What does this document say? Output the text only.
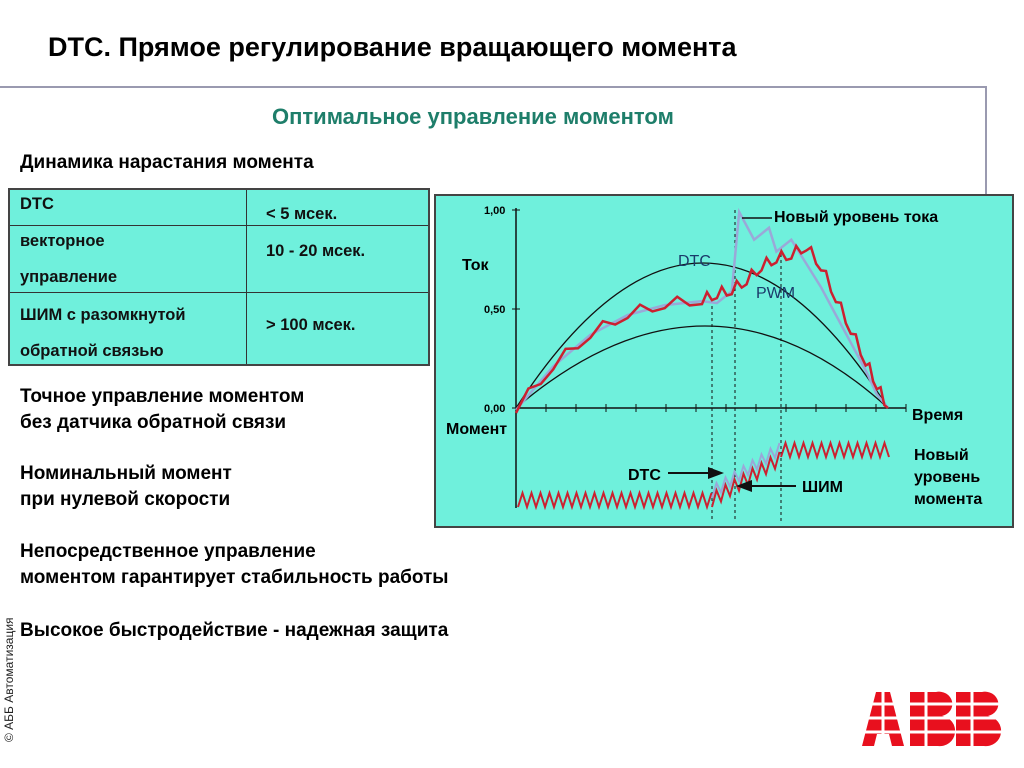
DTC. Прямое регулирование вращающего момента
Оптимальное управление моментом
Динамика нарастания момента
DTC
< 5 мсек.
векторное
управление
10 - 20 мсек.
ШИМ с разомкнутой
обратной связью
> 100 мсек.
Точное управление моментом
без датчика обратной связи
Номинальный момент
при нулевой скорости
Непосредственное управление
моментом гарантирует стабильность работы
Высокое быстродействие - надежная защита
© АББ Автоматизация
1,00
0,50
0,00
Ток
Момент
Время
Новый уровень тока
DTC
PWM
DTC
ШИМ
Новый
уровень
момента
